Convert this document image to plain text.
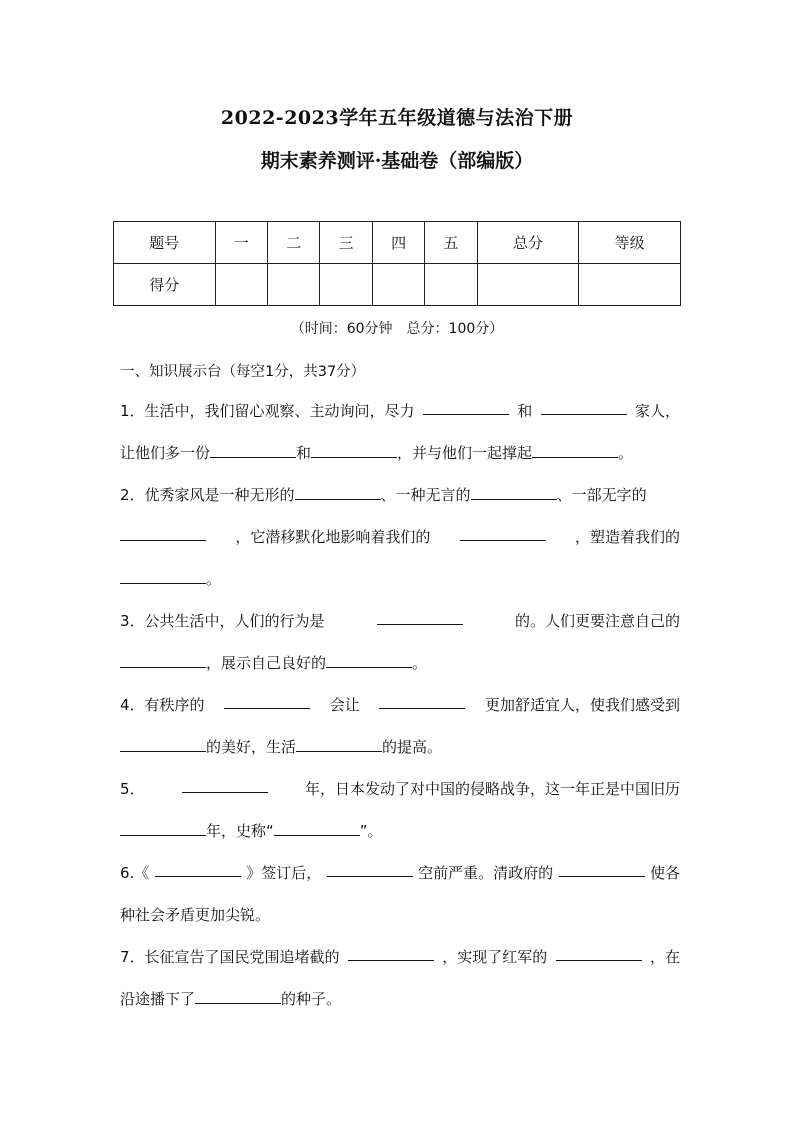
2022-2023学年五年级道德与法治下册
期末素养测评·基础卷（部编版）
题号	一	二	三	四	五	总分	等级
得分							
（时间：60分钟　总分：100分）
一、知识展示台（每空1分，共37分）
1．生活中，我们留心观察、主动询问，尽力	和	家人，
让他们多一份	和	，并与他们一起撑起	。
2．优秀家风是一种无形的	、一种无言的	、一部无字的
，它潜移默化地影响着我们的	，塑造着我们的
。
3．公共生活中，人们的行为是	的。人们更要注意自己的
，展示自己良好的	。
4．有秩序的	会让	更加舒适宜人，使我们感受到
的美好，生活	的提高。
5．	年，日本发动了对中国的侵略战争，这一年正是中国旧历
年，史称“	”。
6.《	》签订后，	空前严重。清政府的	使各
种社会矛盾更加尖锐。
7．长征宣告了国民党围追堵截的	，实现了红军的	，在
沿途播下了	的种子。
